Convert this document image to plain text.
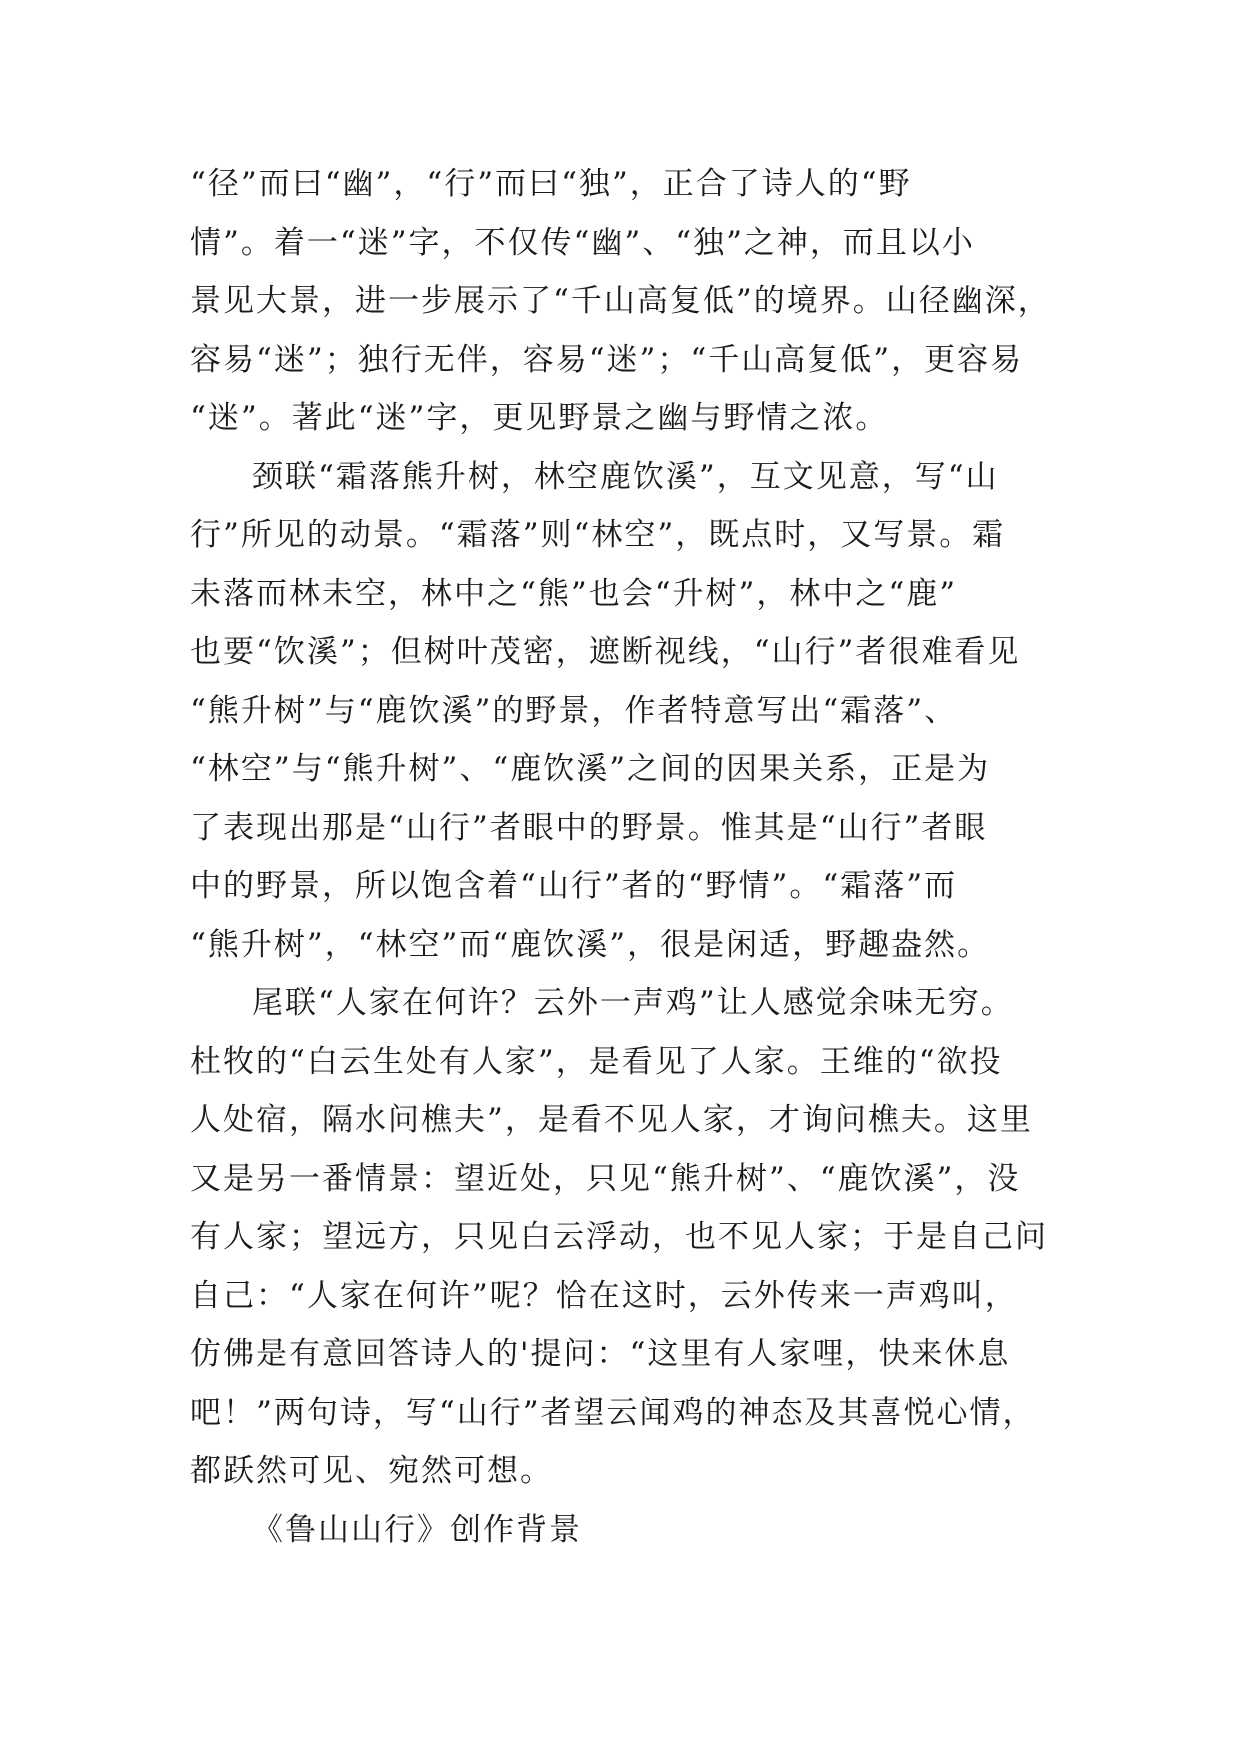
“径”而曰“幽”，“行”而曰“独”，正合了诗人的“野
情”。着一“迷”字，不仅传“幽”、“独”之神，而且以小
景见大景，进一步展示了“千山高复低”的境界。山径幽深，
容易“迷”；独行无伴，容易“迷”；“千山高复低”，更容易
“迷”。著此“迷”字，更见野景之幽与野情之浓。
颈联“霜落熊升树，林空鹿饮溪”，互文见意，写“山
行”所见的动景。“霜落”则“林空”，既点时，又写景。霜
未落而林未空，林中之“熊”也会“升树”，林中之“鹿”
也要“饮溪”；但树叶茂密，遮断视线，“山行”者很难看见
“熊升树”与“鹿饮溪”的野景，作者特意写出“霜落”、
“林空”与“熊升树”、“鹿饮溪”之间的因果关系，正是为
了表现出那是“山行”者眼中的野景。惟其是“山行”者眼
中的野景，所以饱含着“山行”者的“野情”。“霜落”而
“熊升树”，“林空”而“鹿饮溪”，很是闲适，野趣盎然。
尾联“人家在何许？云外一声鸡”让人感觉余味无穷。
杜牧的“白云生处有人家”，是看见了人家。王维的“欲投
人处宿，隔水问樵夫”，是看不见人家，才询问樵夫。这里
又是另一番情景：望近处，只见“熊升树”、“鹿饮溪”，没
有人家；望远方，只见白云浮动，也不见人家；于是自己问
自己：“人家在何许”呢？恰在这时，云外传来一声鸡叫，
仿佛是有意回答诗人的'提问：“这里有人家哩，快来休息
吧！”两句诗，写“山行”者望云闻鸡的神态及其喜悦心情，
都跃然可见、宛然可想。
《鲁山山行》创作背景
